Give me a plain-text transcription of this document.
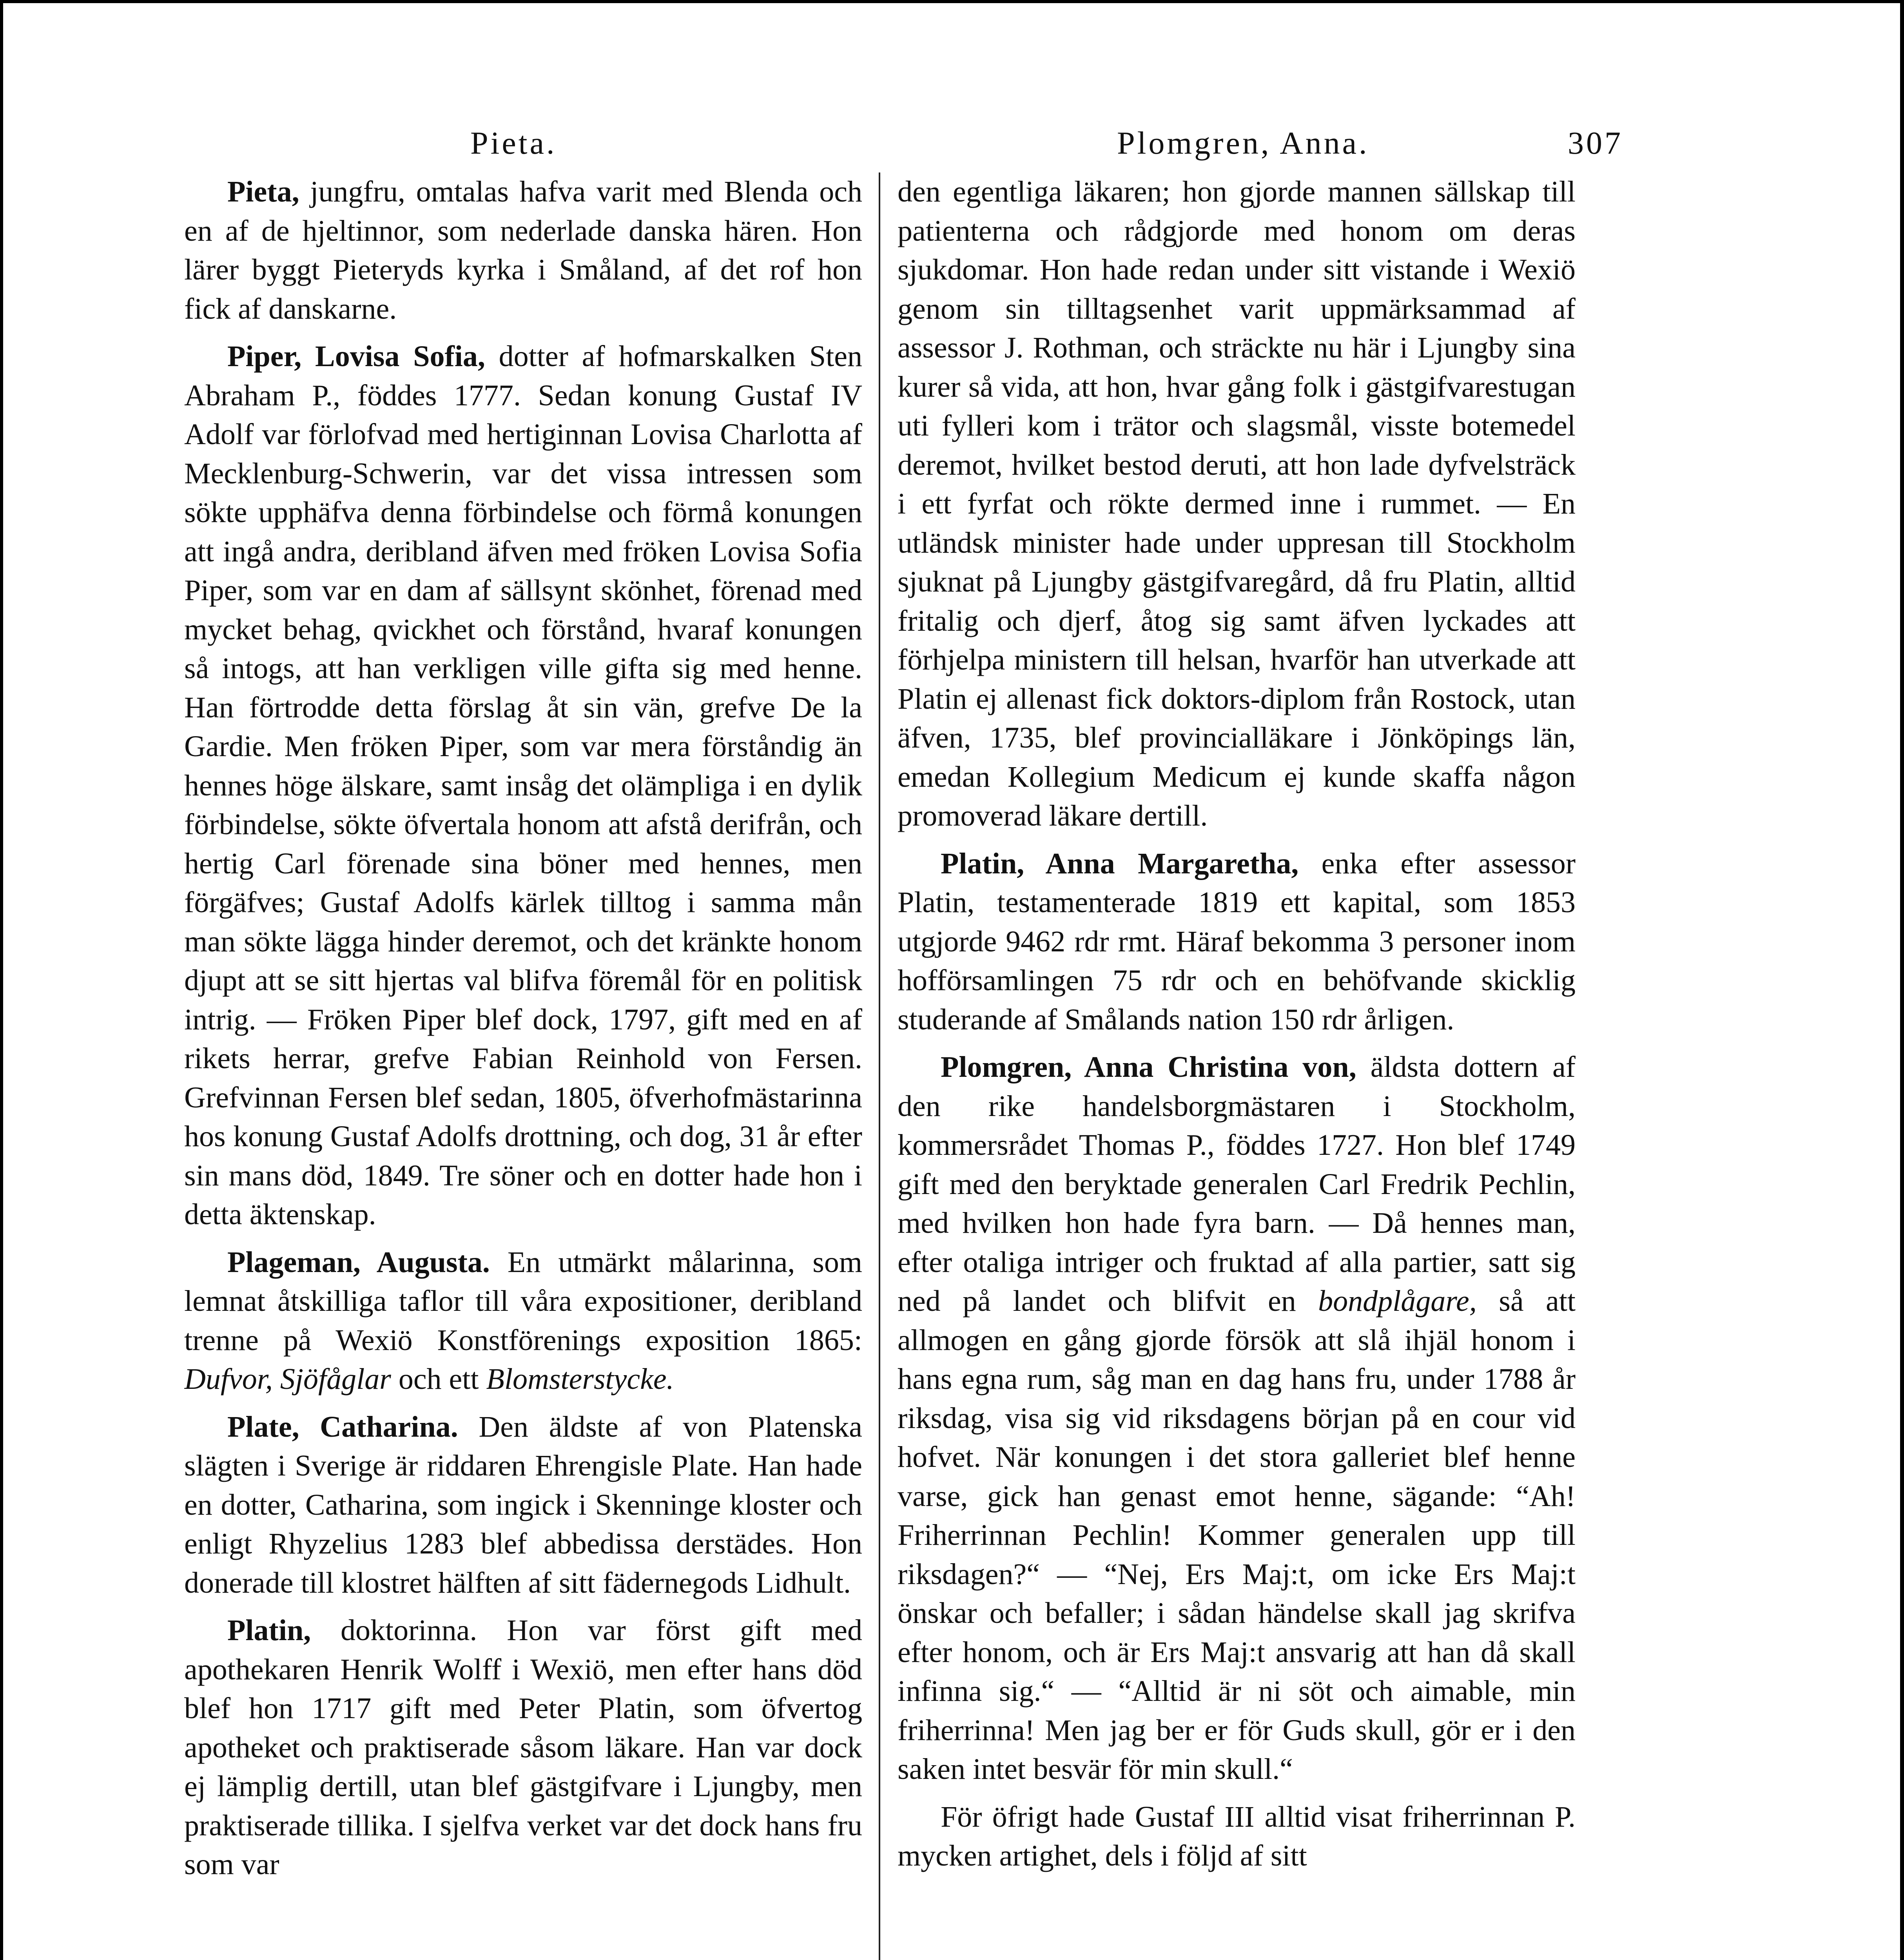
Pieta.	Plomgren, Anna.	307

Pieta, jungfru, omtalas hafva varit med Blenda och en af de hjeltinnor, som nederlade danska hären. Hon lärer byggt Pieteryds kyrka i Småland, af det rof hon fick af danskarne.

Piper, Lovisa Sofia, dotter af hofmarskalken Sten Abraham P., föddes 1777. Sedan konung Gustaf IV Adolf var förlofvad med hertiginnan Lovisa Charlotta af Mecklenburg-Schwerin, var det vissa intressen som sökte upphäfva denna förbindelse och förmå konungen att ingå andra, deribland äfven med fröken Lovisa Sofia Piper, som var en dam af sällsynt skönhet, förenad med mycket behag, qvickhet och förstånd, hvaraf konungen så intogs, att han verkligen ville gifta sig med henne. Han förtrodde detta förslag åt sin vän, grefve De la Gardie. Men fröken Piper, som var mera förståndig än hennes höge älskare, samt insåg det olämpliga i en dylik förbindelse, sökte öfvertala honom att afstå derifrån, och hertig Carl förenade sina böner med hennes, men förgäfves; Gustaf Adolfs kärlek tilltog i samma mån man sökte lägga hinder deremot, och det kränkte honom djupt att se sitt hjertas val blifva föremål för en politisk intrig. — Fröken Piper blef dock, 1797, gift med en af rikets herrar, grefve Fabian Reinhold von Fersen. Grefvinnan Fersen blef sedan, 1805, öfverhofmästarinna hos konung Gustaf Adolfs drottning, och dog, 31 år efter sin mans död, 1849. Tre söner och en dotter hade hon i detta äktenskap.

Plageman, Augusta. En utmärkt målarinna, som lemnat åtskilliga taflor till våra expositioner, deribland trenne på Wexiö Konstförenings exposition 1865: Dufvor, Sjöfåglar och ett Blomsterstycke.

Plate, Catharina. Den äldste af von Platenska slägten i Sverige är riddaren Ehrengisle Plate. Han hade en dotter, Catharina, som ingick i Skenninge kloster och enligt Rhyzelius 1283 blef abbedissa derstädes. Hon donerade till klostret hälften af sitt fädernegods Lidhult.

Platin, doktorinna. Hon var först gift med apothekaren Henrik Wolff i Wexiö, men efter hans död blef hon 1717 gift med Peter Platin, som öfvertog apotheket och praktiserade såsom läkare. Han var dock ej lämplig dertill, utan blef gästgifvare i Ljungby, men praktiserade tillika. I sjelfva verket var det dock hans fru som var

den egentliga läkaren; hon gjorde mannen sällskap till patienterna och rådgjorde med honom om deras sjukdomar. Hon hade redan under sitt vistande i Wexiö genom sin tilltagsenhet varit uppmärksammad af assessor J. Rothman, och sträckte nu här i Ljungby sina kurer så vida, att hon, hvar gång folk i gästgifvarestugan uti fylleri kom i trätor och slagsmål, visste botemedel deremot, hvilket bestod deruti, att hon lade dyfvelsträck i ett fyrfat och rökte dermed inne i rummet. — En utländsk minister hade under uppresan till Stockholm sjuknat på Ljungby gästgifvaregård, då fru Platin, alltid fritalig och djerf, åtog sig samt äfven lyckades att förhjelpa ministern till helsan, hvarför han utverkade att Platin ej allenast fick doktors-diplom från Rostock, utan äfven, 1735, blef provincialläkare i Jönköpings län, emedan Kollegium Medicum ej kunde skaffa någon promoverad läkare dertill.

Platin, Anna Margaretha, enka efter assessor Platin, testamenterade 1819 ett kapital, som 1853 utgjorde 9462 rdr rmt. Häraf bekomma 3 personer inom hofförsamlingen 75 rdr och en behöfvande skicklig studerande af Smålands nation 150 rdr årligen.

Plomgren, Anna Christina von, äldsta dottern af den rike handelsborgmästaren i Stockholm, kommersrådet Thomas P., föddes 1727. Hon blef 1749 gift med den beryktade generalen Carl Fredrik Pechlin, med hvilken hon hade fyra barn. — Då hennes man, efter otaliga intriger och fruktad af alla partier, satt sig ned på landet och blifvit en bondplågare, så att allmogen en gång gjorde försök att slå ihjäl honom i hans egna rum, såg man en dag hans fru, under 1788 år riksdag, visa sig vid riksdagens början på en cour vid hofvet. När konungen i det stora galleriet blef henne varse, gick han genast emot henne, sägande: “Ah! Friherrinnan Pechlin! Kommer generalen upp till riksdagen?“ — “Nej, Ers Maj:t, om icke Ers Maj:t önskar och befaller; i sådan händelse skall jag skrifva efter honom, och är Ers Maj:t ansvarig att han då skall infinna sig.“ — “Alltid är ni söt och aimable, min friherrinna! Men jag ber er för Guds skull, gör er i den saken intet besvär för min skull.“

För öfrigt hade Gustaf III alltid visat friherrinnan P. mycken artighet, dels i följd af sitt
